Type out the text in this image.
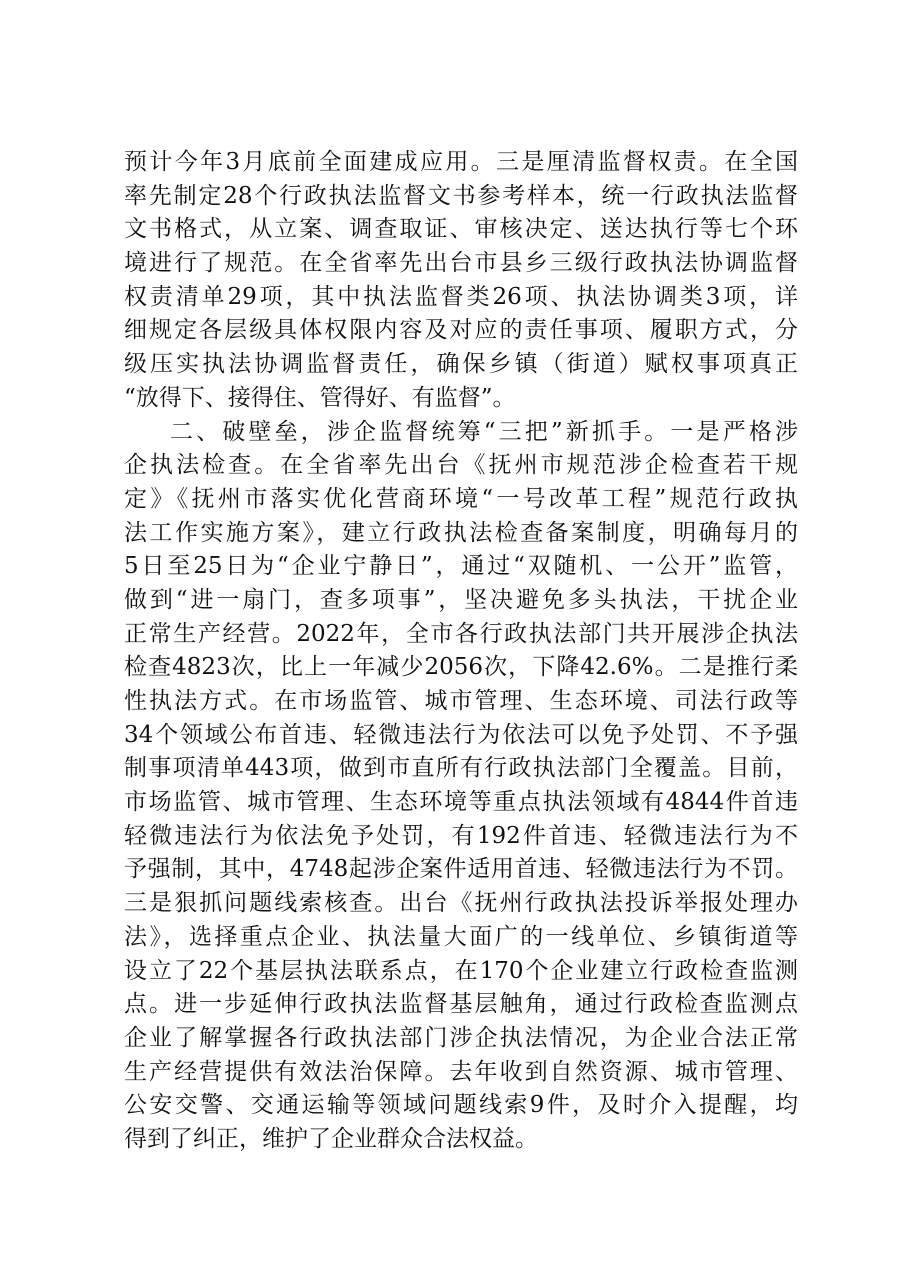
预计今年3月底前全面建成应用。三是厘清监督权责。在全国
率先制定28个行政执法监督文书参考样本，统一行政执法监督
文书格式，从立案、调查取证、审核决定、送达执行等七个环
境进行了规范。在全省率先出台市县乡三级行政执法协调监督
权责清单29项，其中执法监督类26项、执法协调类3项，详
细规定各层级具体权限内容及对应的责任事项、履职方式，分
级压实执法协调监督责任，确保乡镇（街道）赋权事项真正
“放得下、接得住、管得好、有监督”。
二、破壁垒，涉企监督统筹“三把”新抓手。一是严格涉
企执法检查。在全省率先出台《抚州市规范涉企检查若干规
定》《抚州市落实优化营商环境“一号改革工程”规范行政执
法工作实施方案》，建立行政执法检查备案制度，明确每月的
5日至25日为“企业宁静日”，通过“双随机、一公开”监管，
做到“进一扇门，查多项事”，坚决避免多头执法，干扰企业
正常生产经营。2022年，全市各行政执法部门共开展涉企执法
检查4823次，比上一年减少2056次，下降42.6%。二是推行柔
性执法方式。在市场监管、城市管理、生态环境、司法行政等
34个领域公布首违、轻微违法行为依法可以免予处罚、不予强
制事项清单443项，做到市直所有行政执法部门全覆盖。目前，
市场监管、城市管理、生态环境等重点执法领域有4844件首违
轻微违法行为依法免予处罚，有192件首违、轻微违法行为不
予强制，其中，4748起涉企案件适用首违、轻微违法行为不罚。
三是狠抓问题线索核查。出台《抚州行政执法投诉举报处理办
法》，选择重点企业、执法量大面广的一线单位、乡镇街道等
设立了22个基层执法联系点，在170个企业建立行政检查监测
点。进一步延伸行政执法监督基层触角，通过行政检查监测点
企业了解掌握各行政执法部门涉企执法情况，为企业合法正常
生产经营提供有效法治保障。去年收到自然资源、城市管理、
公安交警、交通运输等领域问题线索9件，及时介入提醒，均
得到了纠正，维护了企业群众合法权益。
